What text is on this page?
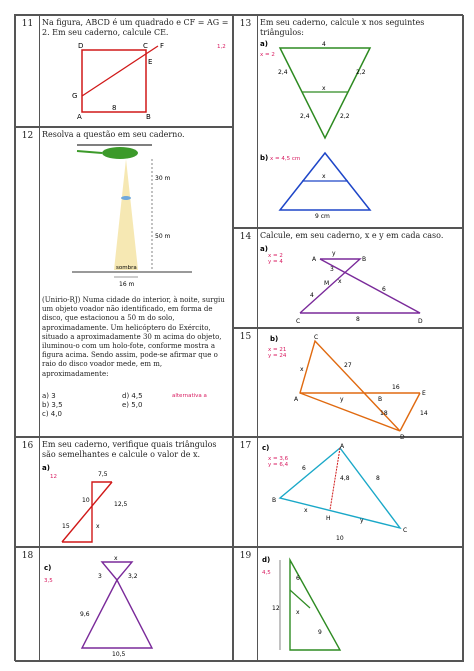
11	Na figura, ABCD é um quadrado e CF = AG = 2. Em seu caderno, calcule CE.
1,2
D	C F
E
G
A	B
8
12	Resolva a questão em seu caderno.
30 m
50 m
sombra
16 m
(Unirio-RJ) Numa cidade do interior, à noite, surgiu um objeto voador não identificado, em forma de disco, que estacionou a 50 m do solo, aproximadamente. Um helicóptero do Exército, situado a aproximadamente 30 m acima do objeto, iluminou-o com um holo-fote, conforme mostra a figura acima. Sendo assim, pode-se afirmar que o raio do disco voador mede, em m, aproximadamente:
a) 3
b) 3,5
c) 4,0
d) 4,5
e) 5,0
alternativa a
13	Em seu caderno, calcule x nos seguintes triângulos:
a)
x = 2
4
2,4	2,2
x
2,4	2,2
b) x = 4,5 cm
x
9 cm
14	Calcule, em seu caderno, x e y em cada caso.
a)
x = 2
y = 4	A	B
C	D
M
y
3
x
4
6
8
15	b)
x = 21
y = 24
C
A	B
E
D
x
27
y
16
18	14
16	Em seu caderno, verifique quais triângulos são semelhantes e calcule o valor de x.
a)
12	7,5
10
12,5
15	x
17	c)
x = 3,6
y = 6,4
A
B
C
H
4,8	8
6
x
y
10
18
c)
3,5
x
3	3,2
9,6
10,5
19	d)
4,5
6
12
x
9
